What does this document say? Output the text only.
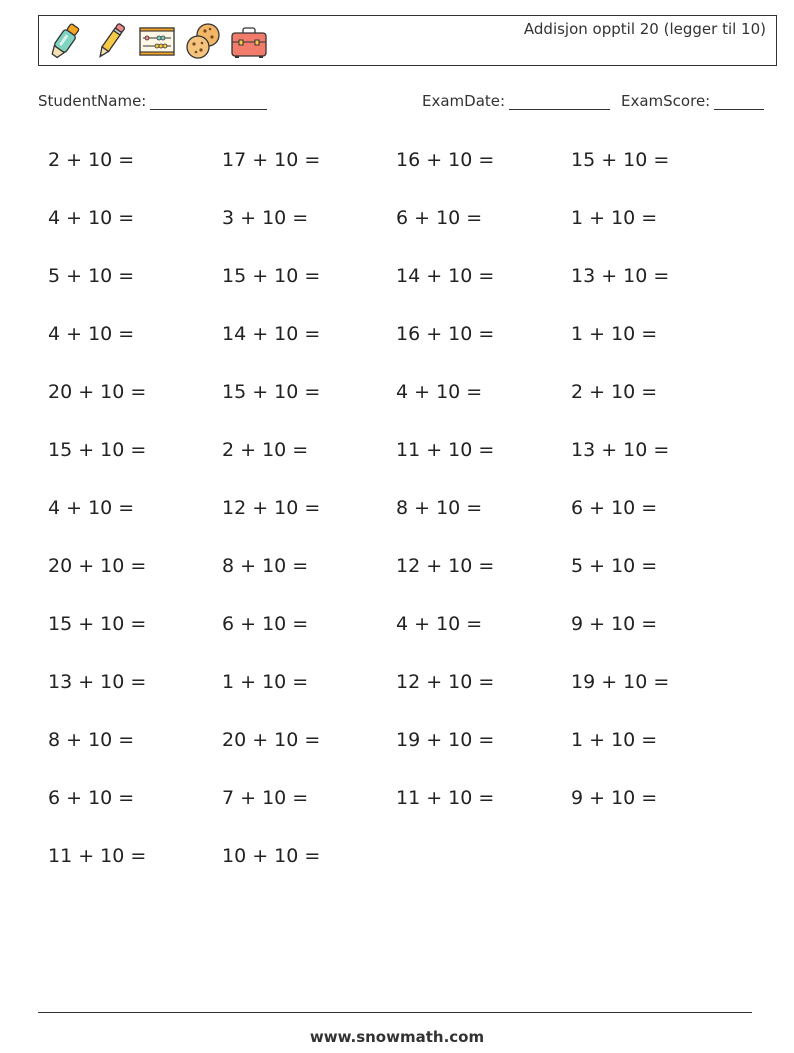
Addisjon opptil 20 (legger til 10)
StudentName:	ExamDate:	ExamScore:
2 + 10 =	17 + 10 =	16 + 10 =	15 + 10 =
4 + 10 =	3 + 10 =	6 + 10 =	1 + 10 =
5 + 10 =	15 + 10 =	14 + 10 =	13 + 10 =
4 + 10 =	14 + 10 =	16 + 10 =	1 + 10 =
20 + 10 =	15 + 10 =	4 + 10 =	2 + 10 =
15 + 10 =	2 + 10 =	11 + 10 =	13 + 10 =
4 + 10 =	12 + 10 =	8 + 10 =	6 + 10 =
20 + 10 =	8 + 10 =	12 + 10 =	5 + 10 =
15 + 10 =	6 + 10 =	4 + 10 =	9 + 10 =
13 + 10 =	1 + 10 =	12 + 10 =	19 + 10 =
8 + 10 =	20 + 10 =	19 + 10 =	1 + 10 =
6 + 10 =	7 + 10 =	11 + 10 =	9 + 10 =
11 + 10 =	10 + 10 =
www.snowmath.com
